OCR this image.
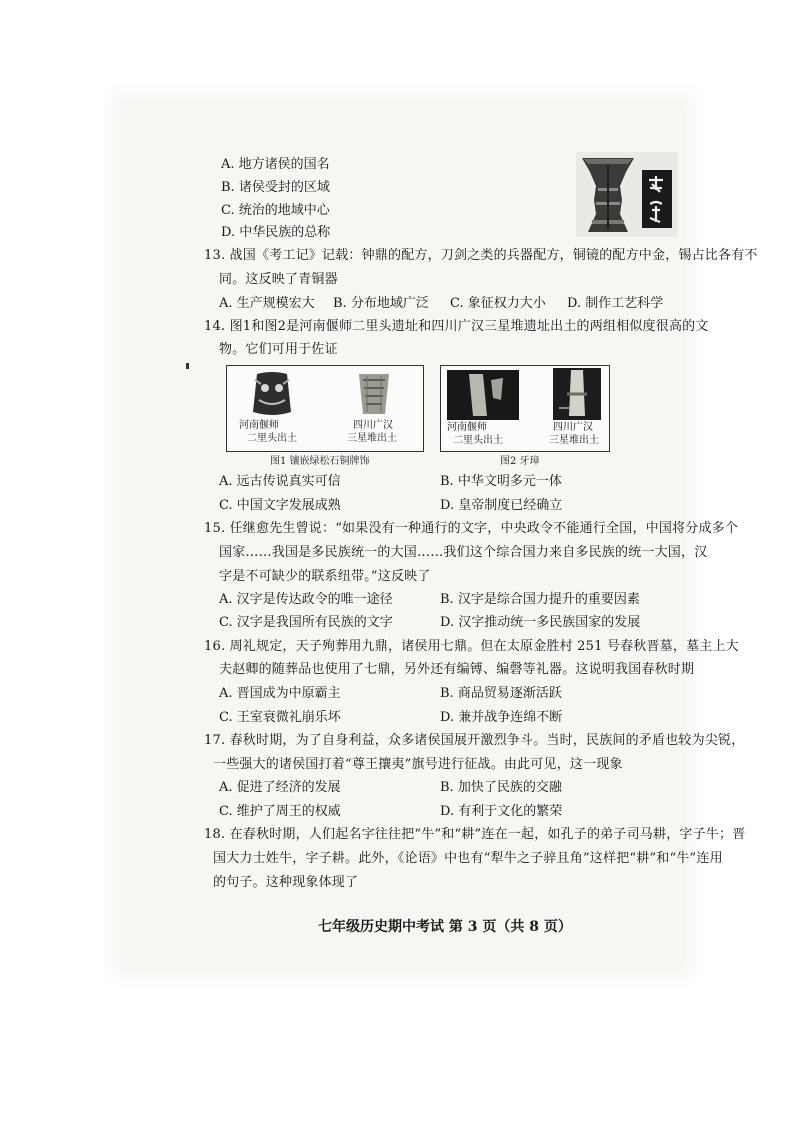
A. 地方诸侯的国名
B. 诸侯受封的区域
C. 统治的地域中心
D. 中华民族的总称
13. 战国《考工记》记载：钟鼎的配方，刀剑之类的兵器配方，铜镜的配方中金，锡占比各有不
同。这反映了青铜器
A. 生产规模宏大 B. 分布地域广泛 C. 象征权力大小 D. 制作工艺科学
14. 图1和图2是河南偃师二里头遗址和四川广汉三星堆遗址出土的两组相似度很高的文
物。它们可用于佐证
河南偃师
二里头出土
四川广汉
三星堆出土
图1 镶嵌绿松石铜牌饰
河南偃师
二里头出土
四川广汉
三星堆出土
图2 牙璋
A. 远古传说真实可信	B. 中华文明多元一体
C. 中国文字发展成熟	D. 皇帝制度已经确立
15. 任继愈先生曾说：“如果没有一种通行的文字，中央政令不能通行全国，中国将分成多个
国家……我国是多民族统一的大国……我们这个综合国力来自多民族的统一大国，汉
字是不可缺少的联系纽带。”这反映了
A. 汉字是传达政令的唯一途径	B. 汉字是综合国力提升的重要因素
C. 汉字是我国所有民族的文字	D. 汉字推动统一多民族国家的发展
16. 周礼规定，天子殉葬用九鼎，诸侯用七鼎。但在太原金胜村 251 号春秋晋墓，墓主上大
夫赵卿的随葬品也使用了七鼎，另外还有编镈、编磬等礼器。这说明我国春秋时期
A. 晋国成为中原霸主	B. 商品贸易逐渐活跃
C. 王室衰微礼崩乐坏	D. 兼并战争连绵不断
17. 春秋时期，为了自身利益，众多诸侯国展开激烈争斗。当时，民族间的矛盾也较为尖锐，
一些强大的诸侯国打着“尊王攘夷”旗号进行征战。由此可见，这一现象
A. 促进了经济的发展	B. 加快了民族的交融
C. 维护了周王的权威	D. 有利于文化的繁荣
18. 在春秋时期，人们起名字往往把“牛”和“耕”连在一起，如孔子的弟子司马耕，字子牛；晋
国大力士姓牛，字子耕。此外，《论语》中也有“犁牛之子骍且角”这样把“耕”和“牛”连用
的句子。这种现象体现了
七年级历史期中考试 第 3 页（共 8 页）
